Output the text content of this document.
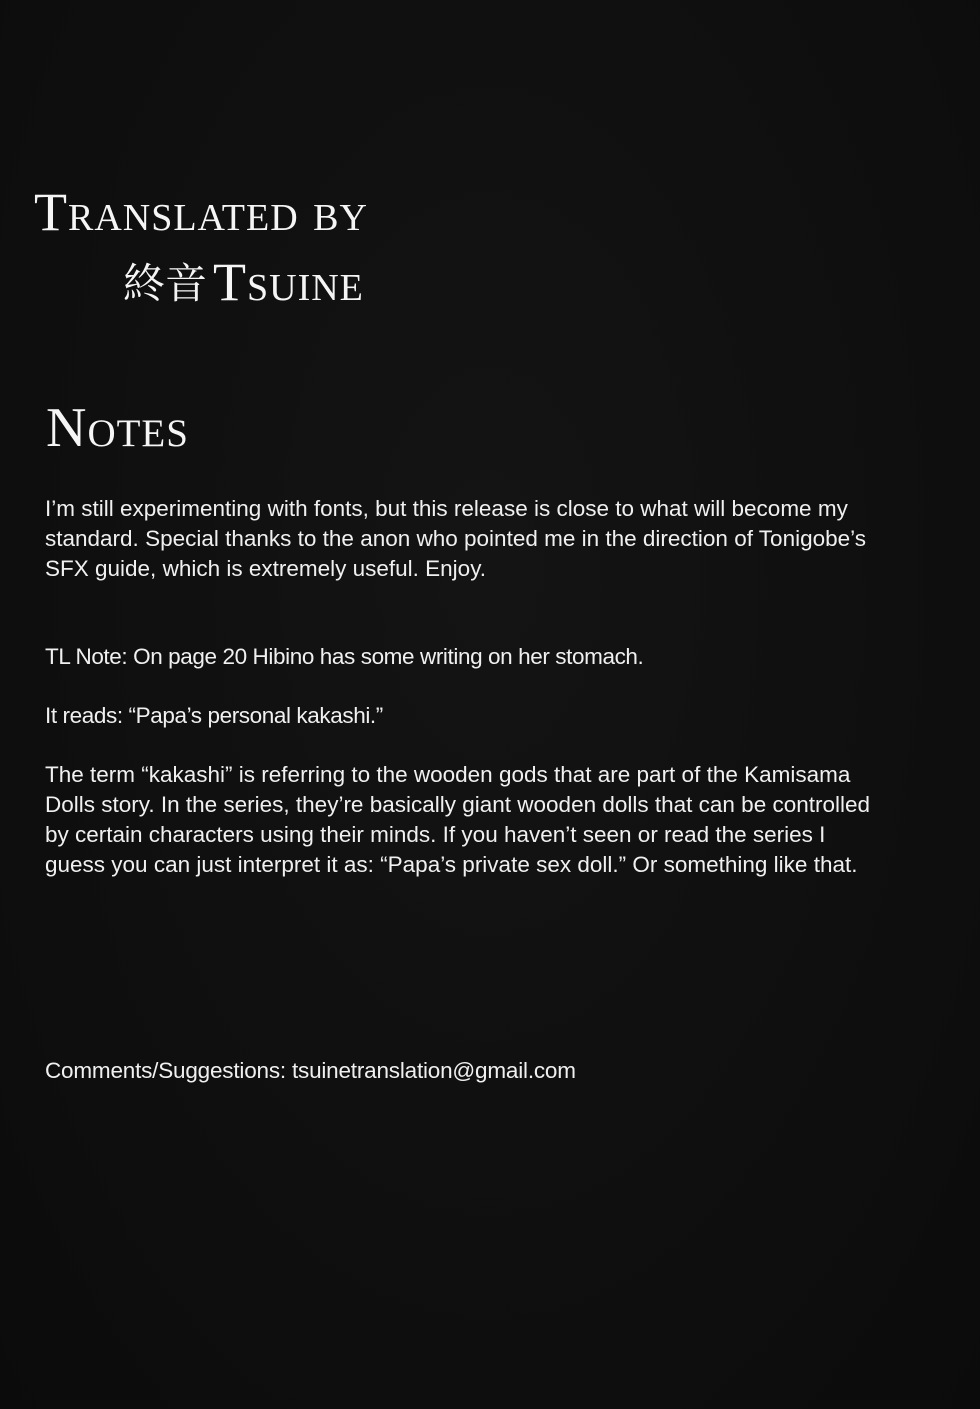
Translated by
終音 Tsuine
Notes

I’m still experimenting with fonts, but this release is close to what will become my
standard. Special thanks to the anon who pointed me in the direction of Tonigobe’s
SFX guide, which is extremely useful. Enjoy.

TL Note: On page 20 Hibino has some writing on her stomach.

It reads: “Papa’s personal kakashi.”

The term “kakashi” is referring to the wooden gods that are part of the Kamisama
Dolls story. In the series, they’re basically giant wooden dolls that can be controlled
by certain characters using their minds. If you haven’t seen or read the series I
guess you can just interpret it as: “Papa’s private sex doll.” Or something like that.

Comments/Suggestions: tsuinetranslation@gmail.com
